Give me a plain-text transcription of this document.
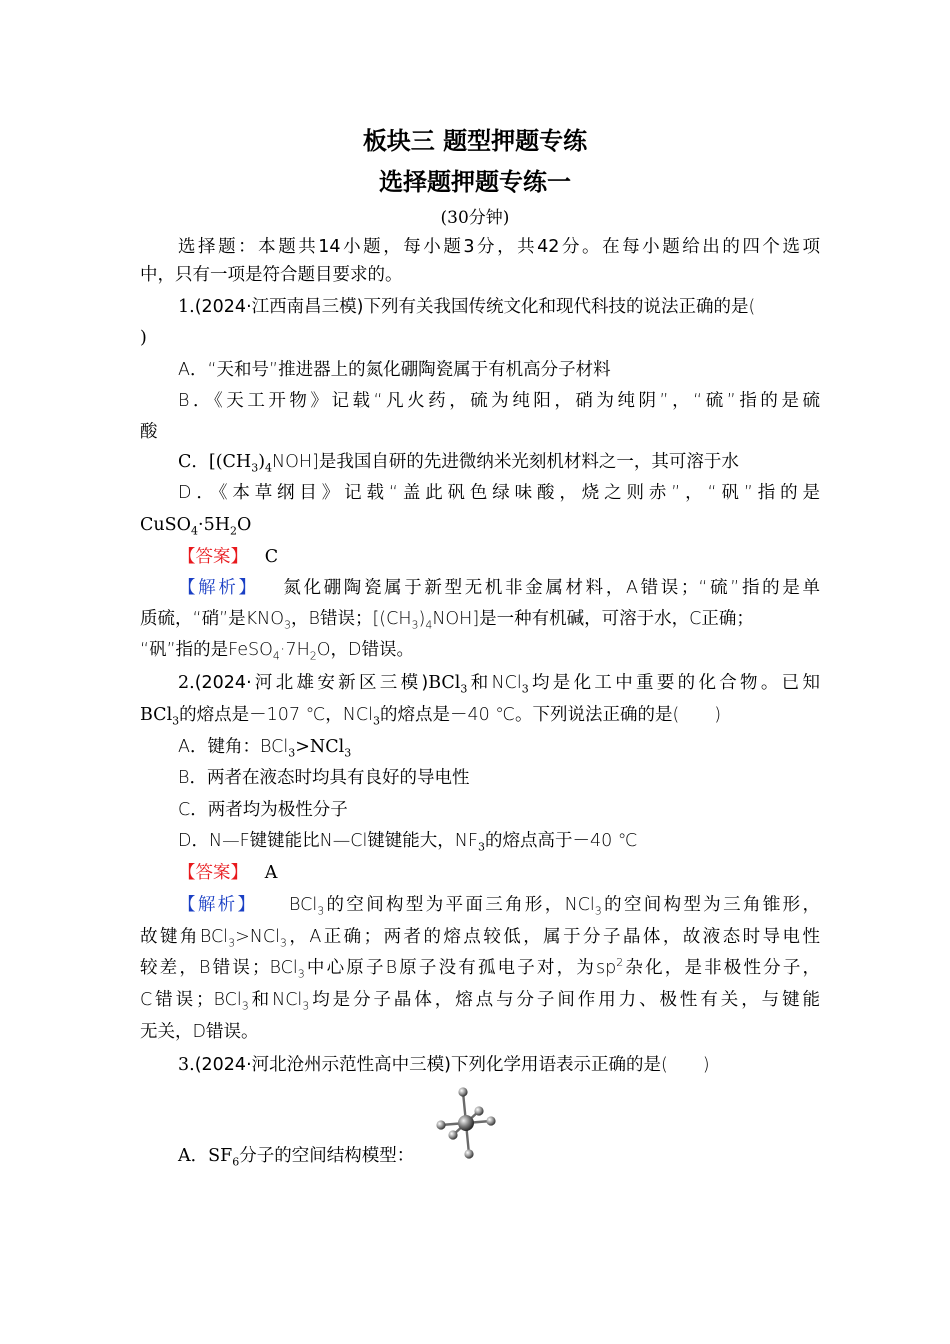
板块三 题型押题专练
选择题押题专练一
(30分钟)
选择题：本题共14小题，每小题3分，共42分。在每小题给出的四个选项
中，只有一项是符合题目要求的。
1.(2024·江西南昌三模)下列有关我国传统文化和现代科技的说法正确的是(
)
A．“天和号”推进器上的氮化硼陶瓷属于有机高分子材料
B．《天工开物》记载“凡火药，硫为纯阳，硝为纯阴”，“硫”指的是硫
酸
C．$[(CH_3)_4NOH]$是我国自研的先进微纳米光刻机材料之一，其可溶于水
D．《本草纲目》记载“盖此矾色绿味酸，烧之则赤”，“矾”指的是
$CuSO_4\cdot 5H_2O$
【答案】 C
【解析】 氮化硼陶瓷属于新型无机非金属材料，A错误；“硫”指的是单
质硫，“硝”是$KNO_3$，B错误；$[(CH_3)_4NOH]$是一种有机碱，可溶于水，C正确；
“矾”指的是$FeSO_4\cdot 7H_2O$，D错误。
2.(2024·河北雄安新区三模)BCl$_3$和NCl$_3$均是化工中重要的化合物。已知
BCl$_3$的熔点是－107 ℃，NCl$_3$的熔点是－40 ℃。下列说法正确的是(　　)
A．键角：BCl$_3$>NCl$_3$
B．两者在液态时均具有良好的导电性
C．两者均为极性分子
D．N—F键键能比N—Cl键键能大，$NF_3$的熔点高于－40 ℃
【答案】 A
【解析】 BCl$_3$的空间构型为平面三角形，NCl$_3$的空间构型为三角锥形，
故键角BCl$_3$>NCl$_3$，A正确；两者的熔点较低，属于分子晶体，故液态时导电性
较差，B错误；BCl$_3$中心原子B原子没有孤电子对，为$sp^2$杂化，是非极性分子，
C错误；BCl$_3$和NCl$_3$均是分子晶体，熔点与分子间作用力、极性有关，与键能
无关，D错误。
3.(2024·河北沧州示范性高中三模)下列化学用语表示正确的是(　　)
A．$SF_6$分子的空间结构模型：
